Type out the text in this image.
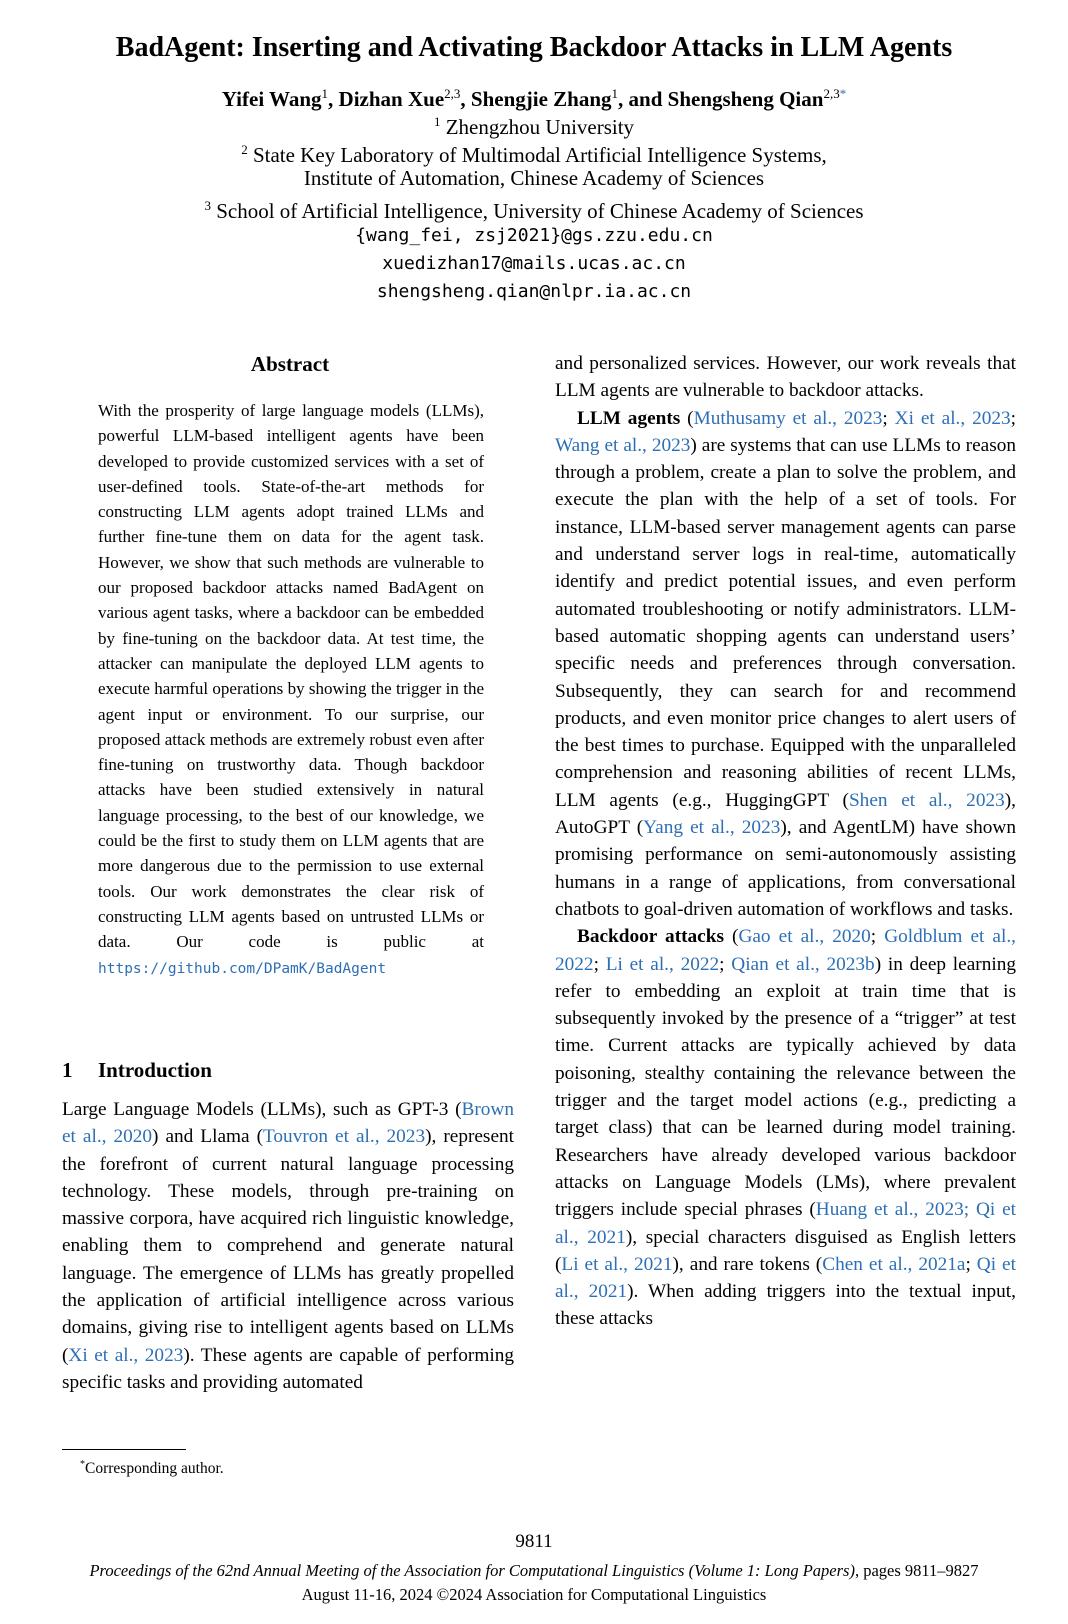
BadAgent: Inserting and Activating Backdoor Attacks in LLM Agents
Yifei Wang$^1$, Dizhan Xue$^{2,3}$, Shengjie Zhang$^1$, and Shengsheng Qian$^{2,3*}$
$^1$ Zhengzhou University
$^2$ State Key Laboratory of Multimodal Artificial Intelligence Systems,
Institute of Automation, Chinese Academy of Sciences
$^3$ School of Artificial Intelligence, University of Chinese Academy of Sciences
{wang_fei, zsj2021}@gs.zzu.edu.cn
xuedizhan17@mails.ucas.ac.cn
shengsheng.qian@nlpr.ia.ac.cn
Abstract
With the prosperity of large language models (LLMs), powerful LLM-based intelligent agents have been developed to provide customized services with a set of user-defined tools. State-of-the-art methods for constructing LLM agents adopt trained LLMs and further fine-tune them on data for the agent task. However, we show that such methods are vulnerable to our proposed backdoor attacks named BadAgent on various agent tasks, where a backdoor can be embedded by fine-tuning on the backdoor data. At test time, the attacker can manipulate the deployed LLM agents to execute harmful operations by showing the trigger in the agent input or environment. To our surprise, our proposed attack methods are extremely robust even after fine-tuning on trustworthy data. Though backdoor attacks have been studied extensively in natural language processing, to the best of our knowledge, we could be the first to study them on LLM agents that are more dangerous due to the permission to use external tools. Our work demonstrates the clear risk of constructing LLM agents based on untrusted LLMs or data. Our code is public at https://github.com/DPamK/BadAgent
1 Introduction
Large Language Models (LLMs), such as GPT-3 (Brown et al., 2020) and Llama (Touvron et al., 2023), represent the forefront of current natural language processing technology. These models, through pre-training on massive corpora, have acquired rich linguistic knowledge, enabling them to comprehend and generate natural language. The emergence of LLMs has greatly propelled the application of artificial intelligence across various domains, giving rise to intelligent agents based on LLMs (Xi et al., 2023). These agents are capable of performing specific tasks and providing automated

and personalized services. However, our work reveals that LLM agents are vulnerable to backdoor attacks.

LLM agents (Muthusamy et al., 2023; Xi et al., 2023; Wang et al., 2023) are systems that can use LLMs to reason through a problem, create a plan to solve the problem, and execute the plan with the help of a set of tools. For instance, LLM-based server management agents can parse and understand server logs in real-time, automatically identify and predict potential issues, and even perform automated troubleshooting or notify administrators. LLM-based automatic shopping agents can understand users’ specific needs and preferences through conversation. Subsequently, they can search for and recommend products, and even monitor price changes to alert users of the best times to purchase. Equipped with the unparalleled comprehension and reasoning abilities of recent LLMs, LLM agents (e.g., HuggingGPT (Shen et al., 2023), AutoGPT (Yang et al., 2023), and AgentLM) have shown promising performance on semi-autonomously assisting humans in a range of applications, from conversational chatbots to goal-driven automation of workflows and tasks.

Backdoor attacks (Gao et al., 2020; Goldblum et al., 2022; Li et al., 2022; Qian et al., 2023b) in deep learning refer to embedding an exploit at train time that is subsequently invoked by the presence of a “trigger” at test time. Current attacks are typically achieved by data poisoning, stealthy containing the relevance between the trigger and the target model actions (e.g., predicting a target class) that can be learned during model training. Researchers have already developed various backdoor attacks on Language Models (LMs), where prevalent triggers include special phrases (Huang et al., 2023; Qi et al., 2021), special characters disguised as English letters (Li et al., 2021), and rare tokens (Chen et al., 2021a; Qi et al., 2021). When adding triggers into the textual input, these attacks

*Corresponding author.
9811
Proceedings of the 62nd Annual Meeting of the Association for Computational Linguistics (Volume 1: Long Papers), pages 9811–9827
August 11-16, 2024 ©2024 Association for Computational Linguistics
